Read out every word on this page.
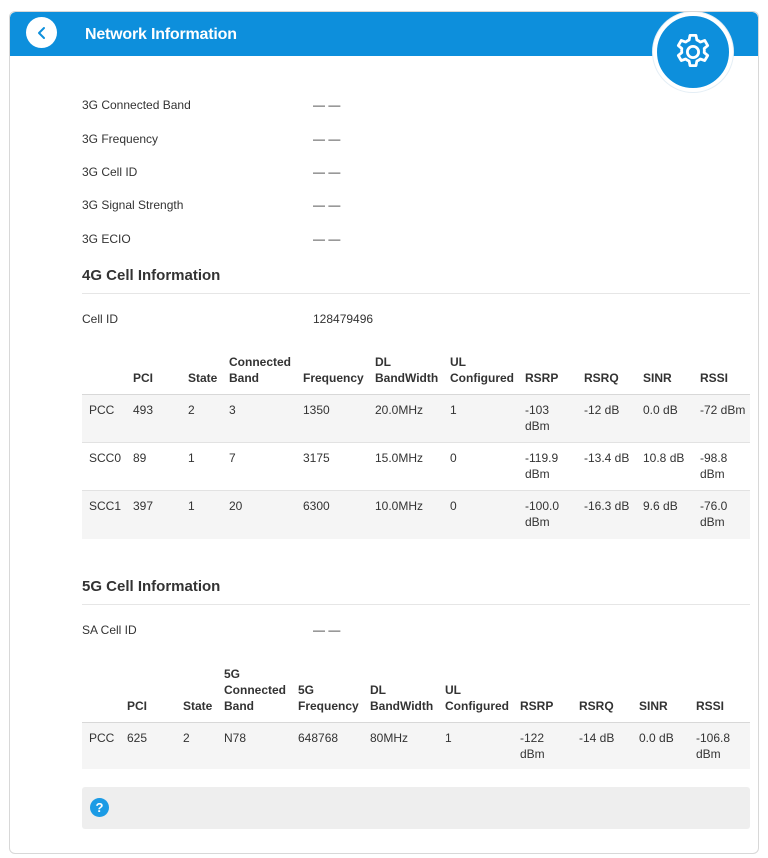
Network Information
3G Connected Band	— —
3G Frequency	— —
3G Cell ID	— —
3G Signal Strength	— —
3G ECIO	— —
4G Cell Information
Cell ID	128479496
	PCI	State	Connected Band	Frequency	DL BandWidth	UL Configured	RSRP	RSRQ	SINR	RSSI
PCC	493	2	3	1350	20.0MHz	1	-103 dBm	-12 dB	0.0 dB	-72 dBm
SCC0	89	1	7	3175	15.0MHz	0	-119.9 dBm	-13.4 dB	10.8 dB	-98.8 dBm
SCC1	397	1	20	6300	10.0MHz	0	-100.0 dBm	-16.3 dB	9.6 dB	-76.0 dBm
5G Cell Information
SA Cell ID	— —
	PCI	State	5G Connected Band	5G Frequency	DL BandWidth	UL Configured	RSRP	RSRQ	SINR	RSSI
PCC	625	2	N78	648768	80MHz	1	-122 dBm	-14 dB	0.0 dB	-106.8 dBm
?
